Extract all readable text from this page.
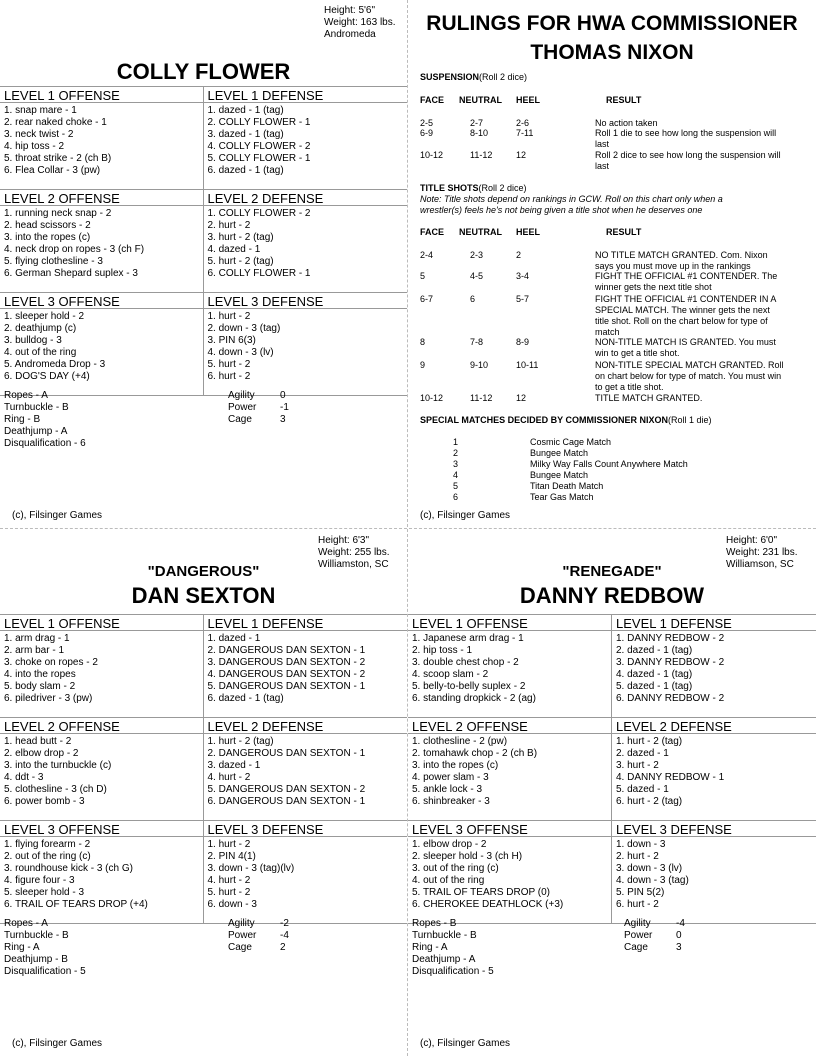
Height: 5'6"
Weight: 163 lbs.
Andromeda
COLLY FLOWER
LEVEL 1 OFFENSE
1. snap mare - 1
2. rear naked choke - 1
3. neck twist - 2
4. hip toss - 2
5. throat strike - 2 (ch B)
6. Flea Collar - 3 (pw)
LEVEL 1 DEFENSE
1. dazed - 1 (tag)
2. COLLY FLOWER - 1
3. dazed - 1 (tag)
4. COLLY FLOWER - 2
5. COLLY FLOWER - 1
6. dazed - 1 (tag)
LEVEL 2 OFFENSE
1. running neck snap - 2
2. head scissors - 2
3. into the ropes (c)
4. neck drop on ropes - 3 (ch F)
5. flying clothesline - 3
6. German Shepard suplex - 3
LEVEL 2 DEFENSE
1. COLLY FLOWER - 2
2. hurt - 2
3. hurt - 2 (tag)
4. dazed - 1
5. hurt - 2 (tag)
6. COLLY FLOWER - 1
LEVEL 3 OFFENSE
1. sleeper hold - 2
2. deathjump (c)
3. bulldog - 3
4. out of the ring
5. Andromeda Drop - 3
6. DOG'S DAY (+4)
LEVEL 3 DEFENSE
1. hurt - 2
2. down - 3 (tag)
3. PIN 6(3)
4. down - 3 (lv)
5. hurt - 2
6. hurt - 2
Ropes - A
Turnbuckle - B
Ring - B
Deathjump - A
Disqualification - 6
Agility	0
Power	-1
Cage	3
(c), Filsinger Games
Height: 6'3"
Weight: 255 lbs.
Williamston, SC
"DANGEROUS"
DAN SEXTON
LEVEL 1 OFFENSE
1. arm drag - 1
2. arm bar - 1
3. choke on ropes - 2
4. into the ropes
5. body slam - 2
6. piledriver - 3 (pw)
LEVEL 1 DEFENSE
1. dazed - 1
2. DANGEROUS DAN SEXTON - 1
3. DANGEROUS DAN SEXTON - 2
4. DANGEROUS DAN SEXTON - 2
5. DANGEROUS DAN SEXTON - 1
6. dazed - 1 (tag)
LEVEL 2 OFFENSE
1. head butt - 2
2. elbow drop - 2
3. into the turnbuckle (c)
4. ddt - 3
5. clothesline - 3 (ch D)
6. power bomb - 3
LEVEL 2 DEFENSE
1. hurt - 2 (tag)
2. DANGEROUS DAN SEXTON - 1
3. dazed - 1
4. hurt - 2
5. DANGEROUS DAN SEXTON - 2
6. DANGEROUS DAN SEXTON - 1
LEVEL 3 OFFENSE
1. flying forearm - 2
2. out of the ring (c)
3. roundhouse kick - 3 (ch G)
4. figure four - 3
5. sleeper hold - 3
6. TRAIL OF TEARS DROP (+4)
LEVEL 3 DEFENSE
1. hurt - 2
2. PIN 4(1)
3. down - 3 (tag)(lv)
4. hurt - 2
5. hurt - 2
6. down - 3
Ropes - A
Turnbuckle - B
Ring - A
Deathjump - B
Disqualification - 5
Agility	-2
Power	-4
Cage	2
(c), Filsinger Games
Height: 6'0"
Weight: 231 lbs.
Williamson, SC
"RENEGADE"
DANNY REDBOW
LEVEL 1 OFFENSE
1. Japanese arm drag - 1
2. hip toss - 1
3. double chest chop - 2
4. scoop slam - 2
5. belly-to-belly suplex - 2
6. standing dropkick - 2 (ag)
LEVEL 1 DEFENSE
1. DANNY REDBOW - 2
2. dazed - 1 (tag)
3. DANNY REDBOW - 2
4. dazed - 1 (tag)
5. dazed - 1 (tag)
6. DANNY REDBOW - 2
LEVEL 2 OFFENSE
1. clothesline - 2 (pw)
2. tomahawk chop - 2 (ch B)
3. into the ropes (c)
4. power slam - 3
5. ankle lock - 3
6. shinbreaker - 3
LEVEL 2 DEFENSE
1. hurt - 2 (tag)
2. dazed - 1
3. hurt - 2
4. DANNY REDBOW - 1
5. dazed - 1
6. hurt - 2 (tag)
LEVEL 3 OFFENSE
1. elbow drop - 2
2. sleeper hold - 3 (ch H)
3. out of the ring (c)
4. out of the ring
5. TRAIL OF TEARS DROP (0)
6. CHEROKEE DEATHLOCK (+3)
LEVEL 3 DEFENSE
1. down - 3
2. hurt - 2
3. down - 3 (lv)
4. down - 3 (tag)
5. PIN 5(2)
6. hurt - 2
Ropes - B
Turnbuckle - B
Ring - A
Deathjump - A
Disqualification - 5
Agility	-4
Power	0
Cage	3
(c), Filsinger Games
RULINGS FOR HWA COMMISSIONER
THOMAS NIXON
SUSPENSION(Roll 2 dice)
FACE NEUTRAL HEEL	RESULT
2-5	2-7	2-6	No action taken
6-9	8-10	7-11	Roll 1 die to see how long the suspension will last
10-12	11-12	12	Roll 2 dice to see how long the suspension will last
TITLE SHOTS(Roll 2 dice)
Note: Title shots depend on rankings in GCW. Roll on this chart only when a wrestler(s) feels he's not being given a title shot when he deserves one
FACE NEUTRAL HEEL	RESULT
2-4	2-3	2	NO TITLE MATCH GRANTED. Com. Nixon says you must move up in the rankings
5	4-5	3-4	FIGHT THE OFFICIAL #1 CONTENDER. The winner gets the next title shot
6-7	6	5-7	FIGHT THE OFFICIAL #1 CONTENDER IN A SPECIAL MATCH. The winner gets the next title shot. Roll on the chart below for type of match
8	7-8	8-9	NON-TITLE MATCH IS GRANTED. You must win to get a title shot.
9	9-10	10-11	NON-TITLE SPECIAL MATCH GRANTED. Roll on chart below for type of match. You must win to get a title shot.
10-12	11-12	12	TITLE MATCH GRANTED.
SPECIAL MATCHES DECIDED BY COMMISSIONER NIXON(Roll 1 die)
1	Cosmic Cage Match
2	Bungee Match
3	Milky Way Falls Count Anywhere Match
4	Bungee Match
5	Titan Death Match
6	Tear Gas Match
(c), Filsinger Games
